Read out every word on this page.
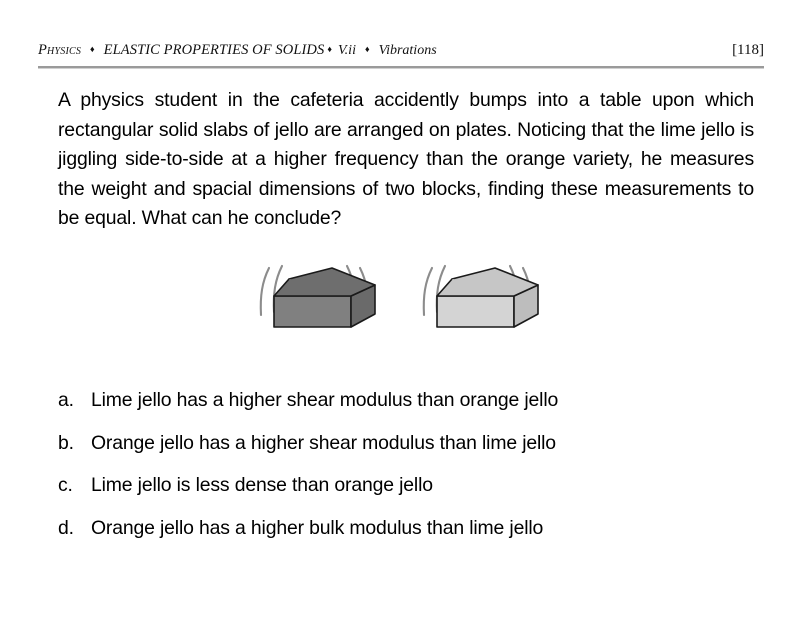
Physics ♦ ELASTIC PROPERTIES OF SOLIDS ♦ V.ii ♦ Vibrations	[118]
A physics student in the cafeteria accidently bumps into a table upon which rectangular solid slabs of jello are arranged on plates. Noticing that the lime jello is jiggling side-to-side at a higher frequency than the orange variety, he measures the weight and spacial dimensions of two blocks, finding these measurements to be equal. What can he conclude?
a. Lime jello has a higher shear modulus than orange jello
b. Orange jello has a higher shear modulus than lime jello
c. Lime jello is less dense than orange jello
d. Orange jello has a higher bulk modulus than lime jello
